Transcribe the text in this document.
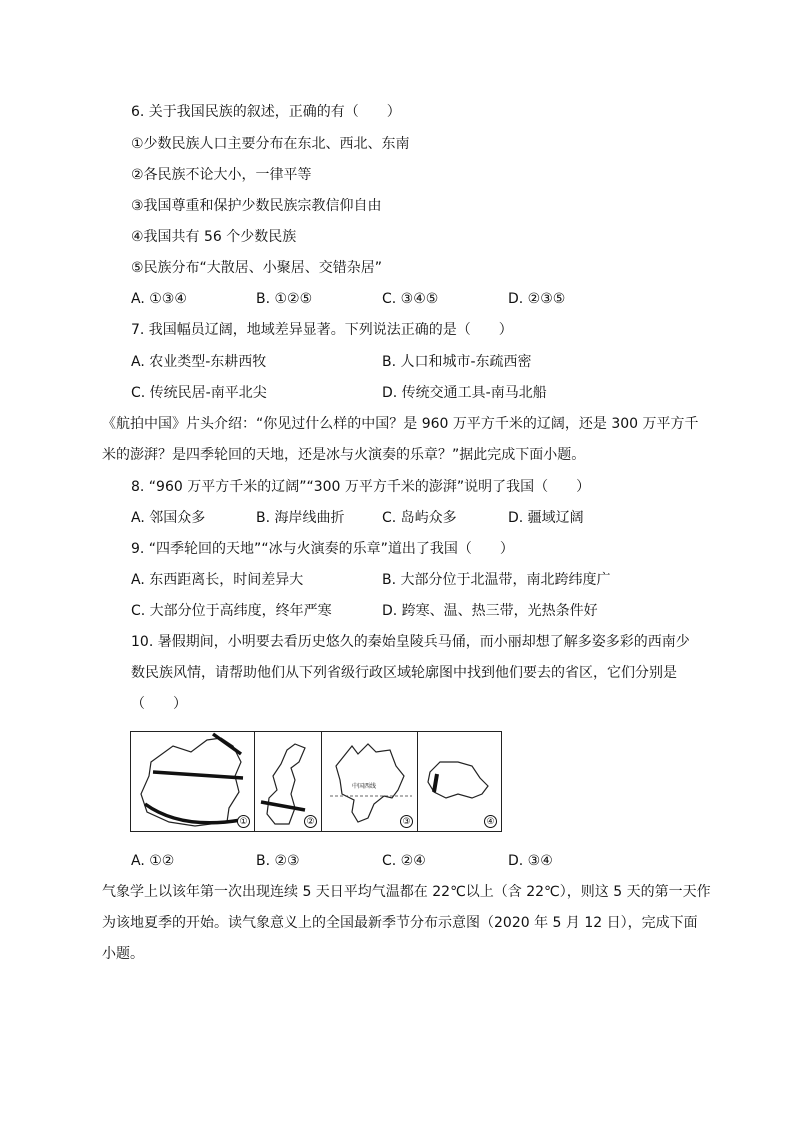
6. 关于我国民族的叙述，正确的有（　　）
①少数民族人口主要分布在东北、西北、东南
②各民族不论大小，一律平等
③我国尊重和保护少数民族宗教信仰自由
④我国共有 56 个少数民族
⑤民族分布“大散居、小聚居、交错杂居”
A. ①③④	B. ①②⑤	C. ③④⑤	D. ②③⑤
7. 我国幅员辽阔，地域差异显著。下列说法正确的是（　　）
A. 农业类型-东耕西牧	B. 人口和城市-东疏西密
C. 传统民居-南平北尖	D. 传统交通工具-南马北船
《航拍中国》片头介绍：“你见过什么样的中国？是 960 万平方千米的辽阔，还是 300 万平方千
米的澎湃？是四季轮回的天地，还是冰与火演奏的乐章？”据此完成下面小题。
8. “960 万平方千米的辽阔”“300 万平方千米的澎湃”说明了我国（　　）
A. 邻国众多	B. 海岸线曲折	C. 岛屿众多	D. 疆域辽阔
9. “四季轮回的天地”“冰与火演奏的乐章”道出了我国（　　）
A. 东西距离长，时间差异大	B. 大部分位于北温带，南北跨纬度广
C. 大部分位于高纬度，终年严寒	D. 跨寒、温、热三带，光热条件好
10. 暑假期间，小明要去看历史悠久的秦始皇陵兵马俑，而小丽却想了解多姿多彩的西南少
数民族风情，请帮助他们从下列省级行政区域轮廓图中找到他们要去的省区，它们分别是
（　　）
①	②
中国西线
③	④
A. ①②	B. ②③	C. ②④	D. ③④
气象学上以该年第一次出现连续 5 天日平均气温都在 22℃以上（含 22℃），则这 5 天的第一天作
为该地夏季的开始。读气象意义上的全国最新季节分布示意图（2020 年 5 月 12 日），完成下面
小题。
